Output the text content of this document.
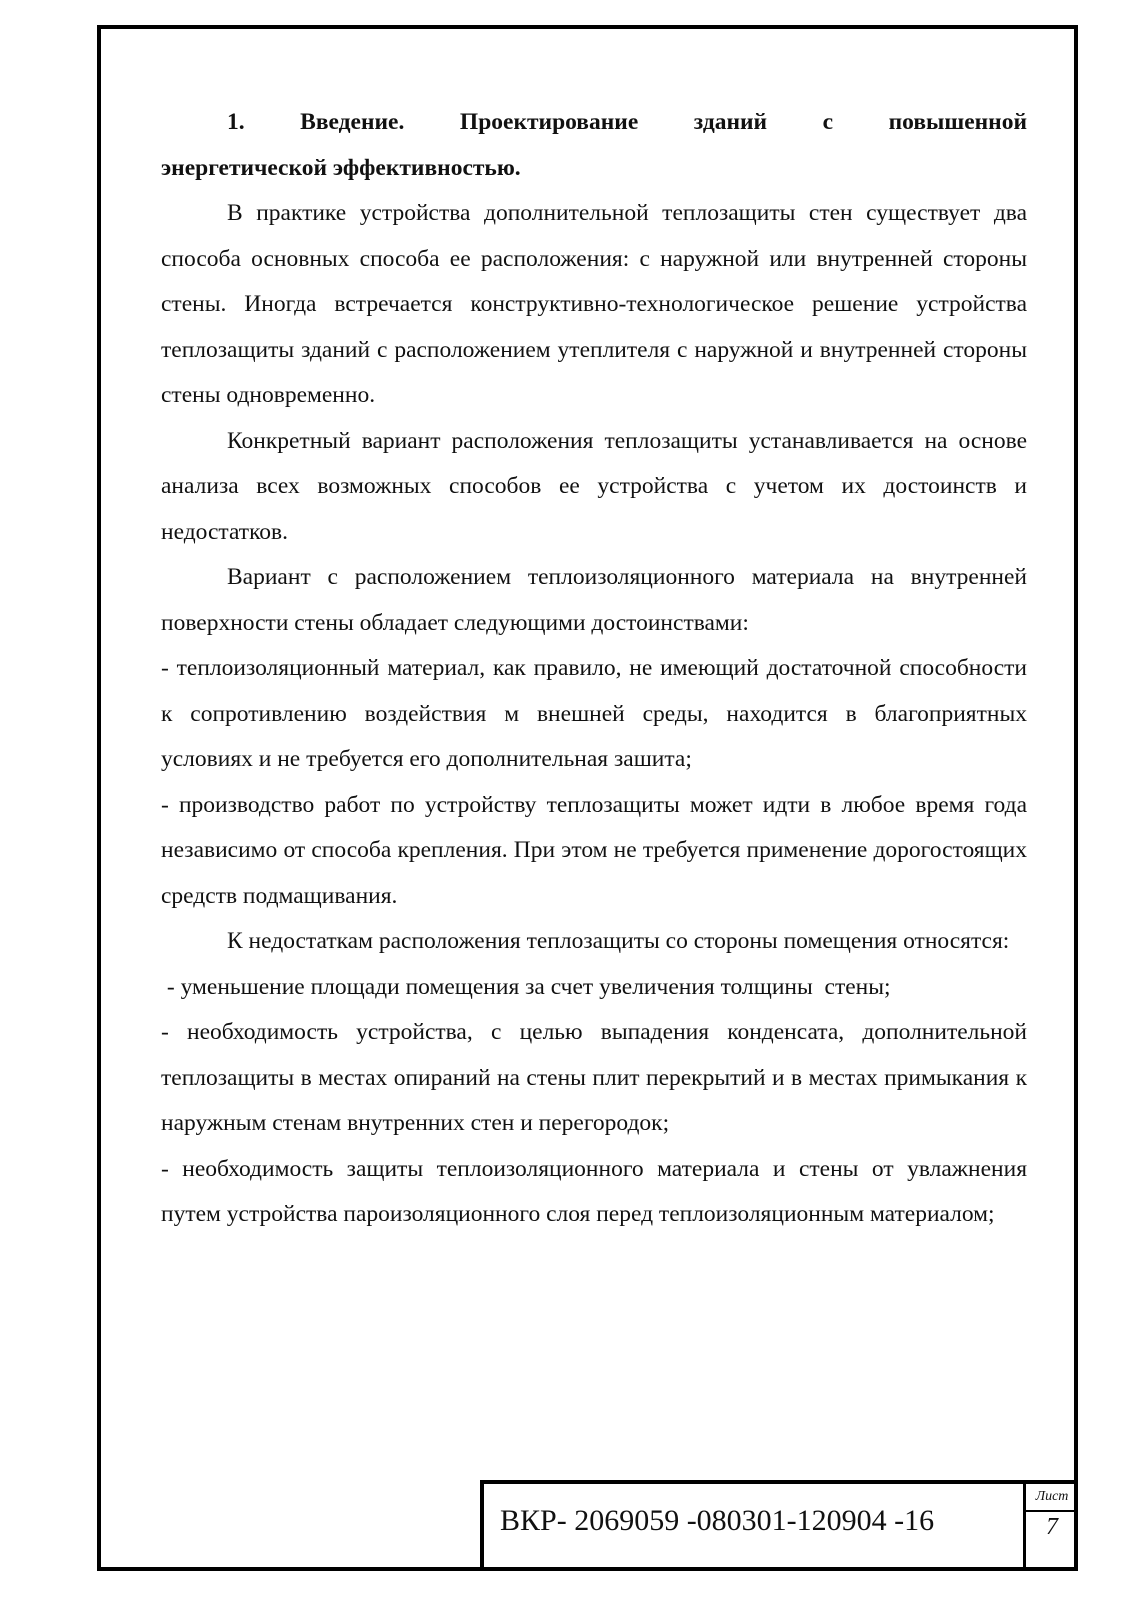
1. Введение. Проектирование зданий с повышенной

энергетической эффективностью.

В практике устройства дополнительной теплозащиты стен существует два способа основных способа ее расположения: с наружной или внутренней стороны стены. Иногда встречается конструктивно-технологическое решение устройства теплозащиты зданий с расположением утеплителя с наружной и внутренней стороны стены одновременно.

Конкретный вариант расположения теплозащиты устанавливается на основе анализа всех возможных способов ее устройства с учетом их достоинств и недостатков.

Вариант с расположением теплоизоляционного материала на внутренней поверхности стены обладает следующими достоинствами:

- теплоизоляционный материал, как правило, не имеющий достаточной способности к сопротивлению воздействия м внешней среды, находится в благоприятных условиях и не требуется его дополнительная зашита;

- производство работ по устройству теплозащиты может идти в любое время года независимо от способа крепления. При этом не требуется применение дорогостоящих средств подмащивания.

К недостаткам расположения теплозащиты со стороны помещения относятся:

- уменьшение площади помещения за счет увеличения толщины  стены;

- необходимость устройства, с целью выпадения конденсата, дополнительной теплозащиты в местах опираний на стены плит перекрытий и в местах примыкания к наружным стенам внутренних стен и перегородок;

- необходимость защиты теплоизоляционного материала и стены от увлажнения путем устройства пароизоляционного слоя перед теплоизоляционным материалом;

ВКР- 2069059 -080301-120904 -16
Лист
7
